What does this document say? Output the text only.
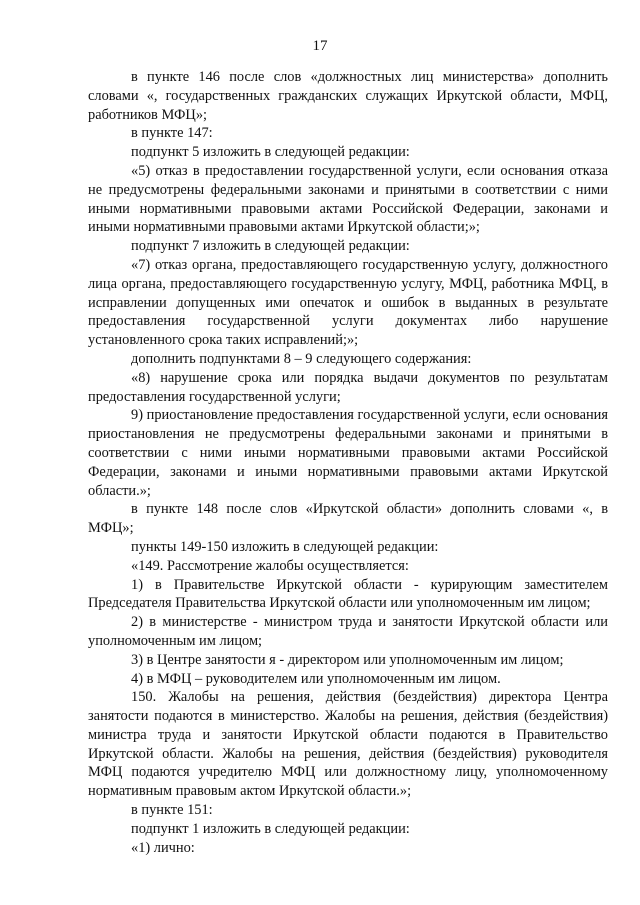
17

в пункте 146 после слов «должностных лиц министерства» дополнить словами «, государственных гражданских служащих Иркутской области, МФЦ, работников МФЦ»;

в пункте 147:

подпункт 5 изложить в следующей редакции:

«5) отказ в предоставлении государственной услуги, если основания отказа не предусмотрены федеральными законами и принятыми в соответствии с ними иными нормативными правовыми актами Российской Федерации, законами и иными нормативными правовыми актами Иркутской области;»;

подпункт 7 изложить в следующей редакции:

«7) отказ органа, предоставляющего государственную услугу, должностного лица органа, предоставляющего государственную услугу, МФЦ, работника МФЦ, в исправлении допущенных ими опечаток и ошибок в выданных в результате предоставления государственной услуги документах либо нарушение установленного срока таких исправлений;»;

дополнить подпунктами 8 – 9 следующего содержания:

«8) нарушение срока или порядка выдачи документов по результатам предоставления государственной услуги;

9) приостановление предоставления государственной услуги, если основания приостановления не предусмотрены федеральными законами и принятыми в соответствии с ними иными нормативными правовыми актами Российской Федерации, законами и иными нормативными правовыми актами Иркутской области.»;

в пункте 148 после слов «Иркутской области» дополнить словами «, в МФЦ»;

пункты 149-150 изложить в следующей редакции:

«149. Рассмотрение жалобы осуществляется:

1) в Правительстве Иркутской области - курирующим заместителем Председателя Правительства Иркутской области или уполномоченным им лицом;

2) в министерстве - министром труда и занятости Иркутской области или уполномоченным им лицом;

3) в Центре занятости я - директором или уполномоченным им лицом;

4) в МФЦ – руководителем или уполномоченным им лицом.

150. Жалобы на решения, действия (бездействия) директора Центра занятости подаются в министерство. Жалобы на решения, действия (бездействия) министра труда и занятости Иркутской области подаются в Правительство Иркутской области. Жалобы на решения, действия (бездействия) руководителя МФЦ подаются учредителю МФЦ или должностному лицу, уполномоченному нормативным правовым актом Иркутской области.»;

в пункте 151:

подпункт 1 изложить в следующей редакции:

«1) лично:
